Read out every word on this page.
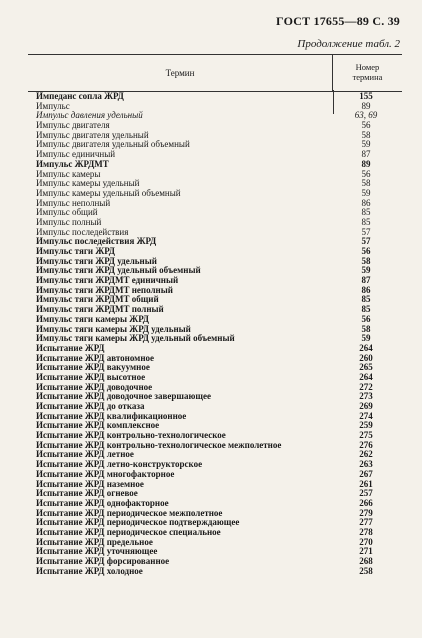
ГОСТ 17655—89 С. 39
Продолжение табл. 2
Термин
Номер
термина
Импеданс сопла ЖРД	155
Импульс	89
Импульс давления удельный	63, 69
Импульс двигателя	56
Импульс двигателя удельный	58
Импульс двигателя удельный объемный	59
Импульс единичный	87
Импульс ЖРДМТ	89
Импульс камеры	56
Импульс камеры удельный	58
Импульс камеры удельный объемный	59
Импульс неполный	86
Импульс общий	85
Импульс полный	85
Импульс последействия	57
Импульс последействия ЖРД	57
Импульс тяги ЖРД	56
Импульс тяги ЖРД удельный	58
Импульс тяги ЖРД удельный объемный	59
Импульс тяги ЖРДМТ единичный	87
Импульс тяги ЖРДМТ неполный	86
Импульс тяги ЖРДМТ общий	85
Импульс тяги ЖРДМТ полный	85
Импульс тяги камеры ЖРД	56
Импульс тяги камеры ЖРД удельный	58
Импульс тяги камеры ЖРД удельный объемный	59
Испытание ЖРД	264
Испытание ЖРД автономное	260
Испытание ЖРД вакуумное	265
Испытание ЖРД высотное	264
Испытание ЖРД доводочное	272
Испытание ЖРД доводочное завершающее	273
Испытание ЖРД до отказа	269
Испытание ЖРД квалификационное	274
Испытание ЖРД комплексное	259
Испытание ЖРД контрольно-технологическое	275
Испытание ЖРД контрольно-технологическое межполетное	276
Испытание ЖРД летное	262
Испытание ЖРД летно-конструкторское	263
Испытание ЖРД многофакторное	267
Испытание ЖРД наземное	261
Испытание ЖРД огневое	257
Испытание ЖРД однофакторное	266
Испытание ЖРД периодическое межполетное	279
Испытание ЖРД периодическое подтверждающее	277
Испытание ЖРД периодическое специальное	278
Испытание ЖРД предельное	270
Испытание ЖРД уточняющее	271
Испытание ЖРД форсированное	268
Испытание ЖРД холодное	258
